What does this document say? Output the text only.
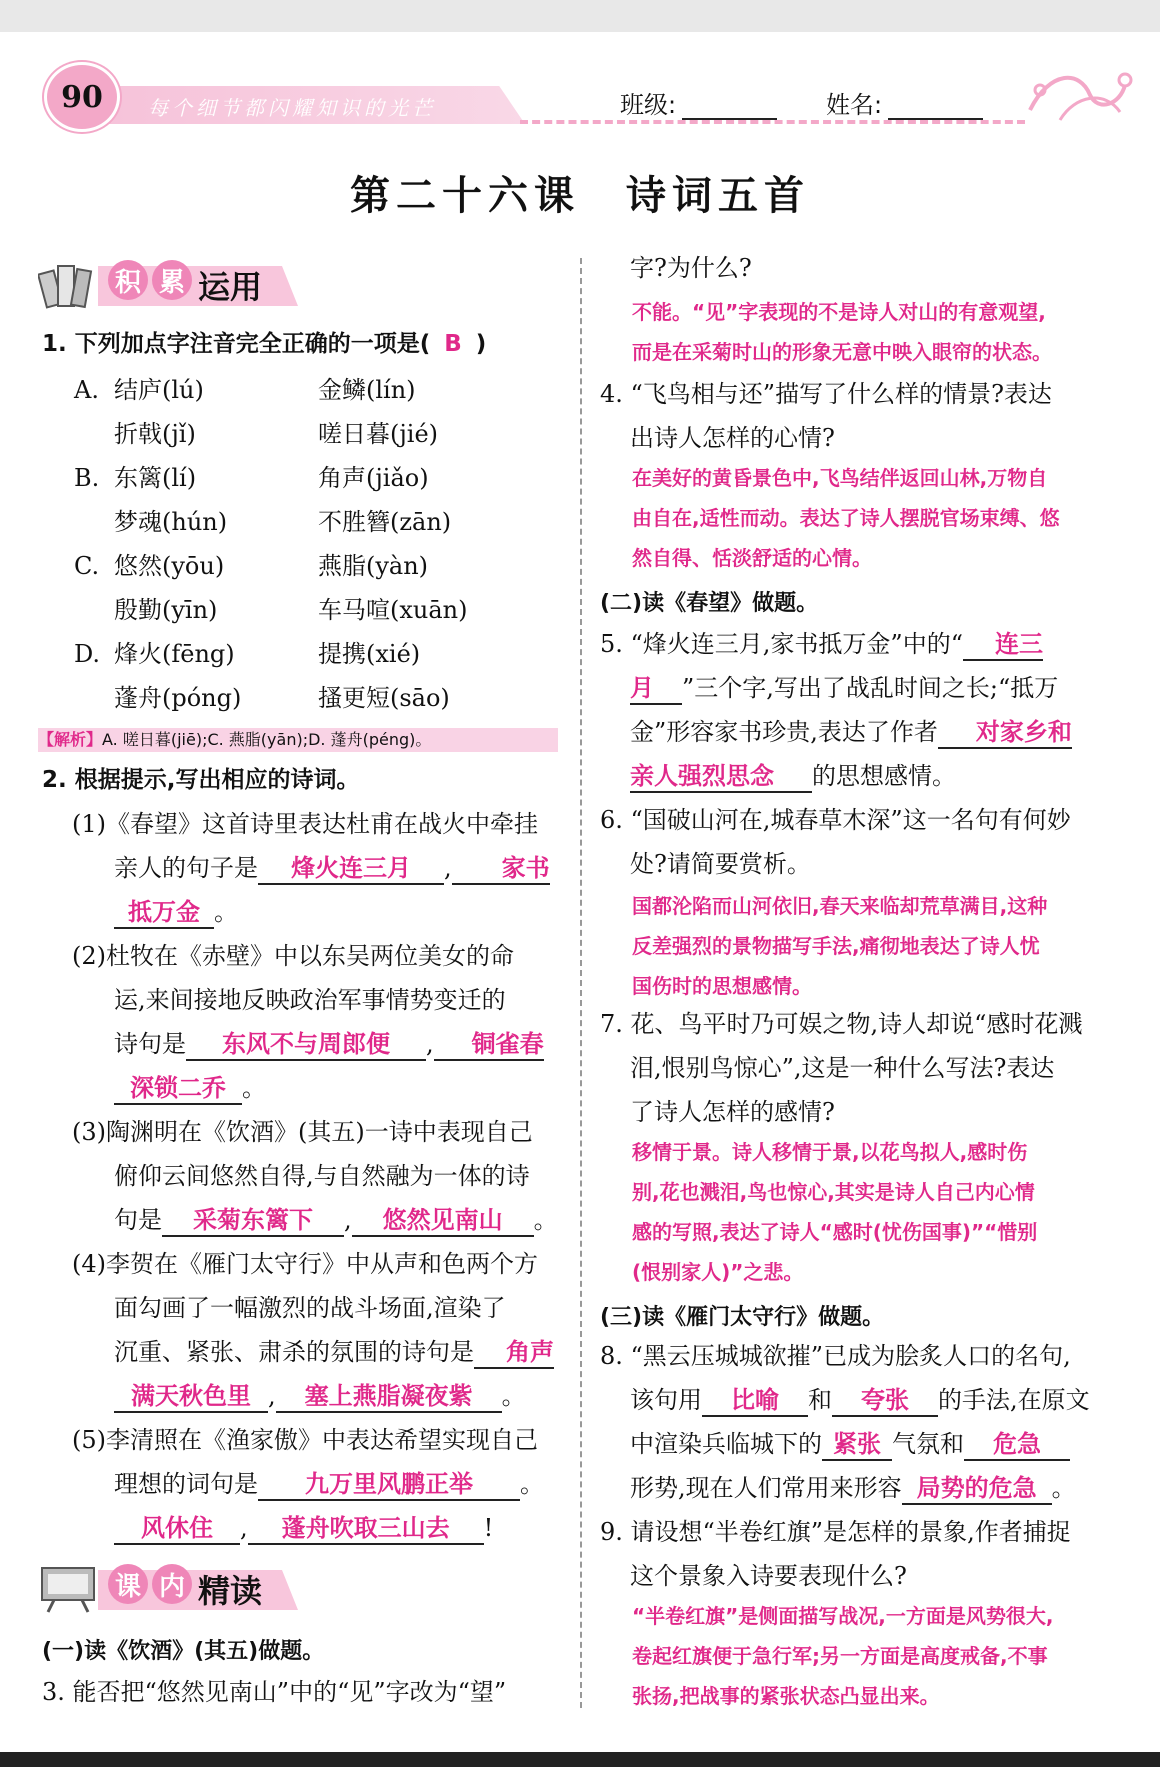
90	每个细节都闪耀知识的光芒	班级:	姓名:
第二十六课　诗词五首
积 累 运用
1. 下列加点字注音完全正确的一项是( B )
A. 结庐(lú)	金鳞(lín)
折戟(jǐ)	嗟日暮(jié)
B. 东篱(lí)	角声(jiǎo)
梦魂(hún)	不胜簪(zān)
C. 悠然(yōu)	燕脂(yàn)
殷勤(yīn)	车马喧(xuān)
D. 烽火(fēng)	提携(xié)
蓬舟(póng)	搔更短(sāo)
【解析】A. 嗟日暮(jiē);C. 燕脂(yān);D. 蓬舟(péng)。
2. 根据提示,写出相应的诗词。
(1)《春望》这首诗里表达杜甫在战火中牵挂
亲人的句子是 烽火连三月 , 家书
抵万金 。
(2)杜牧在《赤壁》中以东吴两位美女的命
运,来间接地反映政治军事情势变迁的
诗句是 东风不与周郎便 , 铜雀春
深锁二乔 。
(3)陶渊明在《饮酒》(其五)一诗中表现自己
俯仰云间悠然自得,与自然融为一体的诗
句是 采菊东篱下 , 悠然见南山 。
(4)李贺在《雁门太守行》中从声和色两个方
面勾画了一幅激烈的战斗场面,渲染了
沉重、紧张、肃杀的氛围的诗句是 角声
满天秋色里 , 塞上燕脂凝夜紫 。
(5)李清照在《渔家傲》中表达希望实现自己
理想的词句是 九万里风鹏正举 。
风休住 , 蓬舟吹取三山去 !
课 内 精读
(一)读《饮酒》(其五)做题。
3. 能否把“悠然见南山”中的“见”字改为“望”
字?为什么?
不能。“见”字表现的不是诗人对山的有意观望,
而是在采菊时山的形象无意中映入眼帘的状态。
4. “飞鸟相与还”描写了什么样的情景?表达
出诗人怎样的心情?
在美好的黄昏景色中,飞鸟结伴返回山林,万物自
由自在,适性而动。表达了诗人摆脱官场束缚、悠
然自得、恬淡舒适的心情。
(二)读《春望》做题。
5. “烽火连三月,家书抵万金”中的“ 连三
月 ”三个字,写出了战乱时间之长;“抵万
金”形容家书珍贵,表达了作者 对家乡和
亲人强烈思念 的思想感情。
6. “国破山河在,城春草木深”这一名句有何妙
处?请简要赏析。
国都沦陷而山河依旧,春天来临却荒草满目,这种
反差强烈的景物描写手法,痛彻地表达了诗人忧
国伤时的思想感情。
7. 花、鸟平时乃可娱之物,诗人却说“感时花溅
泪,恨别鸟惊心”,这是一种什么写法?表达
了诗人怎样的感情?
移情于景。诗人移情于景,以花鸟拟人,感时伤
别,花也溅泪,鸟也惊心,其实是诗人自己内心情
感的写照,表达了诗人“感时(忧伤国事)”“惜别
(恨别家人)”之悲。
(三)读《雁门太守行》做题。
8. “黑云压城城欲摧”已成为脍炙人口的名句,
该句用 比喻 和 夸张 的手法,在原文
中渲染兵临城下的 紧张 气氛和 危急
形势,现在人们常用来形容 局势的危急 。
9. 请设想“半卷红旗”是怎样的景象,作者捕捉
这个景象入诗要表现什么?
“半卷红旗”是侧面描写战况,一方面是风势很大,
卷起红旗便于急行军;另一方面是高度戒备,不事
张扬,把战事的紧张状态凸显出来。
